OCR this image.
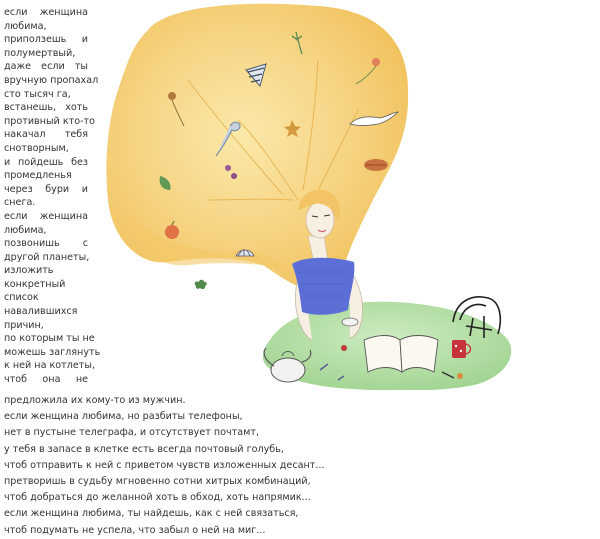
если женщина
любима,
приползешь и
полумертвый,
даже если ты
вручную пропахал
сто тысяч га,
встанешь, хоть
противный кто-то
накачал тебя
снотворным,
и пойдешь без
промедленья
через бури и
снега.
если женщина
любима,
позвонишь с
другой планеты,
изложить
конкретный
список
навалившихся
причин,
по которым ты не
можешь заглянуть
к ней на котлеты,
чтоб она не
предложила их кому-то из мужчин.
если женщина любима, но разбиты телефоны,
нет в пустыне телеграфа, и отсутствует почтамт,
у тебя в запасе в клетке есть всегда почтовый голубь,
чтоб отправить к ней с приветом чувств изложенных десант...
претворишь в судьбу мгновенно сотни хитрых комбинаций,
чтоб добраться до желанной хоть в обход, хоть напрямик...
если женщина любима, ты найдешь, как с ней связаться,
чтоб подумать не успела, что забыл о ней на миг...
